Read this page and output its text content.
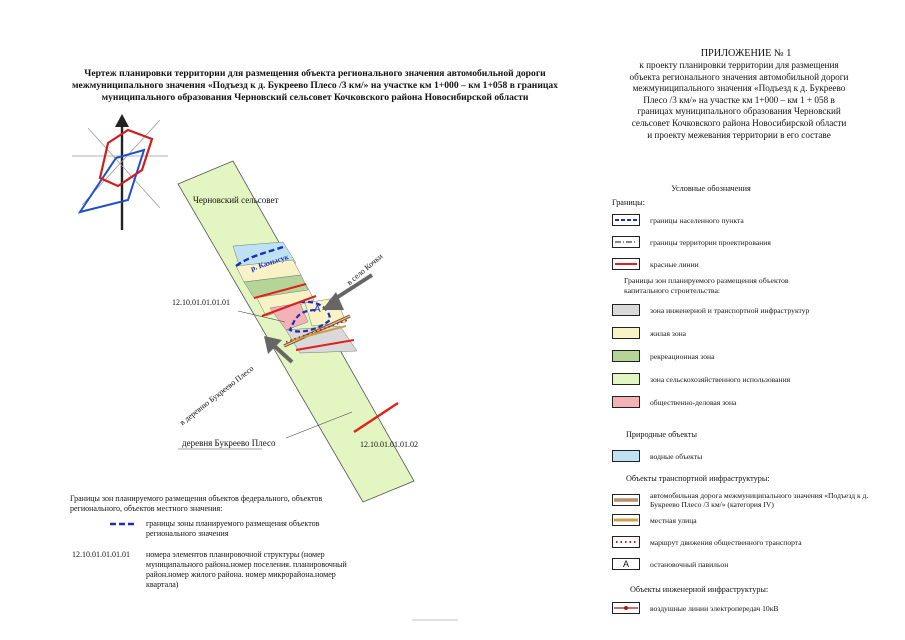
Чертеж планировки территории для размещения объекта регионального значения автомобильной дороги межмуниципального значения «Подъезд к д. Букреево Плесо /3 км/» на участке км 1+000 – км 1+058 в границах муниципального образования Черновский сельсовет Кочковского района Новосибирской области
ПРИЛОЖЕНИЕ № 1
к проекту планировки территории для размещения
объекта регионального значения автомобильной дороги
межмуниципального значения «Подъезд к д. Букреево
Плесо /3 км/» на участке км 1+000 – км 1 + 058 в
границах муниципального образования Черновский
сельсовет Кочковского района Новосибирской области
и проекту межевания территории в его составе
Черновский сельсовет
р. Камысук	в село Кочки
в деревню Букреево Плесо
деревня Букреево Плесо
12.10.01.01.01.01
12.10.01.01.01.02
А
Условные обозначения
Границы:
границы населенного пункта
границы территории проектирования
красные линии
Границы зон планируемого размещения объектов капитального строительства:
зона инженерной и транспортной инфраструктур
жилая зона
рекреационная зона
зона сельскохозяйственного использования
общественно-деловая зона
Природные объекты
водные объекты
Объекты транспортной инфраструктуры:
автомобильная дорога межмуниципального значения «Подъезд к д. Букреево Плесо /3 км/» (категория IV)
местная улица
маршрут движения общественного транспорта
А	остановочный павильон
Объекты инженерной инфраструктуры:
воздушные линии электропередач 10кВ
Границы зон планируемого размещения объектов федерального, объектов регионального, объектов местного значения:
границы зоны планируемого размещения объектов регионального значения
12.10.01.01.01.01 номера элементов планировочной структуры (номер муниципального района.номер поселения. планировочный район.номер жилого района. номер микрорайона.номер квартала)
